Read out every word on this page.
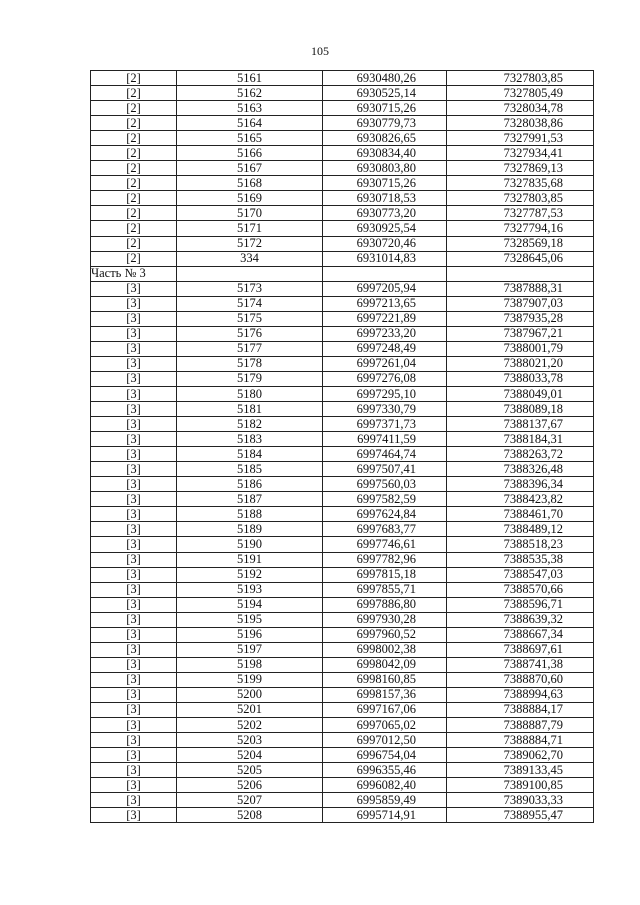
105
[2]	5161	6930480,26	7327803,85
[2]	5162	6930525,14	7327805,49
[2]	5163	6930715,26	7328034,78
[2]	5164	6930779,73	7328038,86
[2]	5165	6930826,65	7327991,53
[2]	5166	6930834,40	7327934,41
[2]	5167	6930803,80	7327869,13
[2]	5168	6930715,26	7327835,68
[2]	5169	6930718,53	7327803,85
[2]	5170	6930773,20	7327787,53
[2]	5171	6930925,54	7327794,16
[2]	5172	6930720,46	7328569,18
[2]	334	6931014,83	7328645,06
Часть № 3			
[3]	5173	6997205,94	7387888,31
[3]	5174	6997213,65	7387907,03
[3]	5175	6997221,89	7387935,28
[3]	5176	6997233,20	7387967,21
[3]	5177	6997248,49	7388001,79
[3]	5178	6997261,04	7388021,20
[3]	5179	6997276,08	7388033,78
[3]	5180	6997295,10	7388049,01
[3]	5181	6997330,79	7388089,18
[3]	5182	6997371,73	7388137,67
[3]	5183	6997411,59	7388184,31
[3]	5184	6997464,74	7388263,72
[3]	5185	6997507,41	7388326,48
[3]	5186	6997560,03	7388396,34
[3]	5187	6997582,59	7388423,82
[3]	5188	6997624,84	7388461,70
[3]	5189	6997683,77	7388489,12
[3]	5190	6997746,61	7388518,23
[3]	5191	6997782,96	7388535,38
[3]	5192	6997815,18	7388547,03
[3]	5193	6997855,71	7388570,66
[3]	5194	6997886,80	7388596,71
[3]	5195	6997930,28	7388639,32
[3]	5196	6997960,52	7388667,34
[3]	5197	6998002,38	7388697,61
[3]	5198	6998042,09	7388741,38
[3]	5199	6998160,85	7388870,60
[3]	5200	6998157,36	7388994,63
[3]	5201	6997167,06	7388884,17
[3]	5202	6997065,02	7388887,79
[3]	5203	6997012,50	7388884,71
[3]	5204	6996754,04	7389062,70
[3]	5205	6996355,46	7389133,45
[3]	5206	6996082,40	7389100,85
[3]	5207	6995859,49	7389033,33
[3]	5208	6995714,91	7388955,47
